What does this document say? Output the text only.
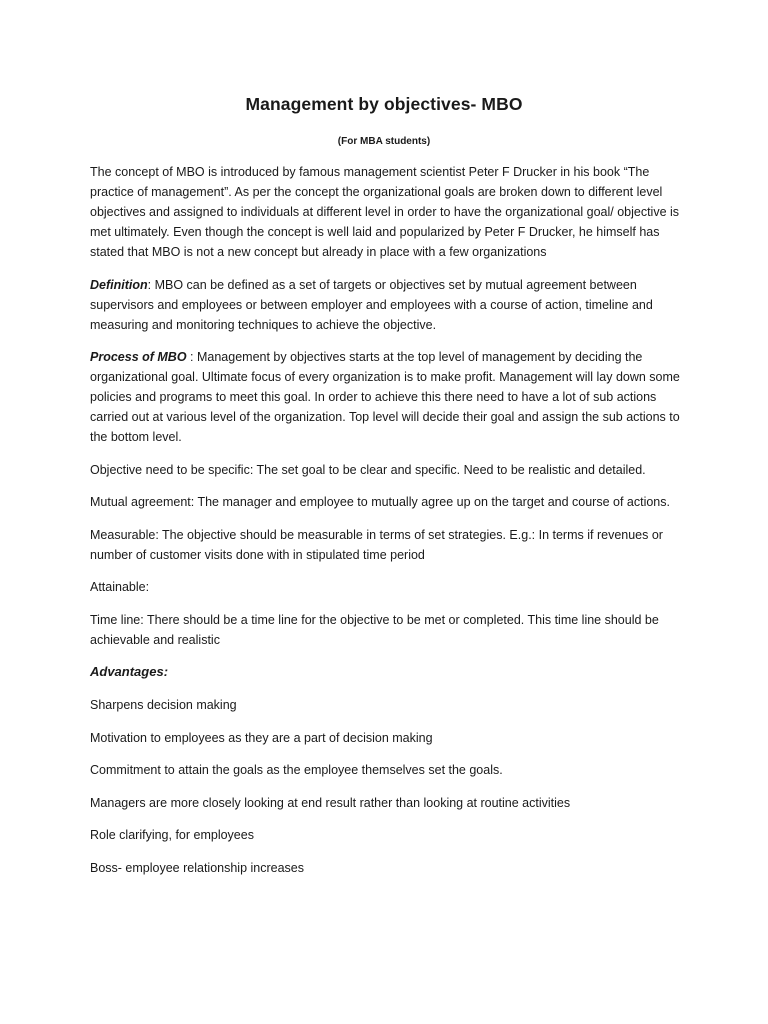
Management by objectives- MBO
(For MBA students)

The concept of MBO is introduced by famous management scientist Peter F Drucker in his book “The practice of management”. As per the concept the organizational goals are broken down to different level objectives and assigned to individuals at different level in order to have the organizational goal/ objective is met ultimately. Even though the concept is well laid and popularized by Peter F Drucker, he himself has stated that MBO is not a new concept but already in place with a few organizations

Definition: MBO can be defined as a set of targets or objectives set by mutual agreement between supervisors and employees or between employer and employees with a course of action, timeline and measuring and monitoring techniques to achieve the objective.

Process of MBO : Management by objectives starts at the top level of management by deciding the organizational goal. Ultimate focus of every organization is to make profit. Management will lay down some policies and programs to meet this goal. In order to achieve this there need to have a lot of sub actions carried out at various level of the organization. Top level will decide their goal and assign the sub actions to the bottom level.

Objective need to be specific: The set goal to be clear and specific. Need to be realistic and detailed.

Mutual agreement: The manager and employee to mutually agree up on the target and course of actions.

Measurable: The objective should be measurable in terms of set strategies. E.g.: In terms if revenues or number of customer visits done with in stipulated time period

Attainable:

Time line: There should be a time line for the objective to be met or completed. This time line should be achievable and realistic

Advantages:

Sharpens decision making

Motivation to employees as they are a part of decision making

Commitment to attain the goals as the employee themselves set the goals.

Managers are more closely looking at end result rather than looking at routine activities

Role clarifying, for employees

Boss- employee relationship increases
